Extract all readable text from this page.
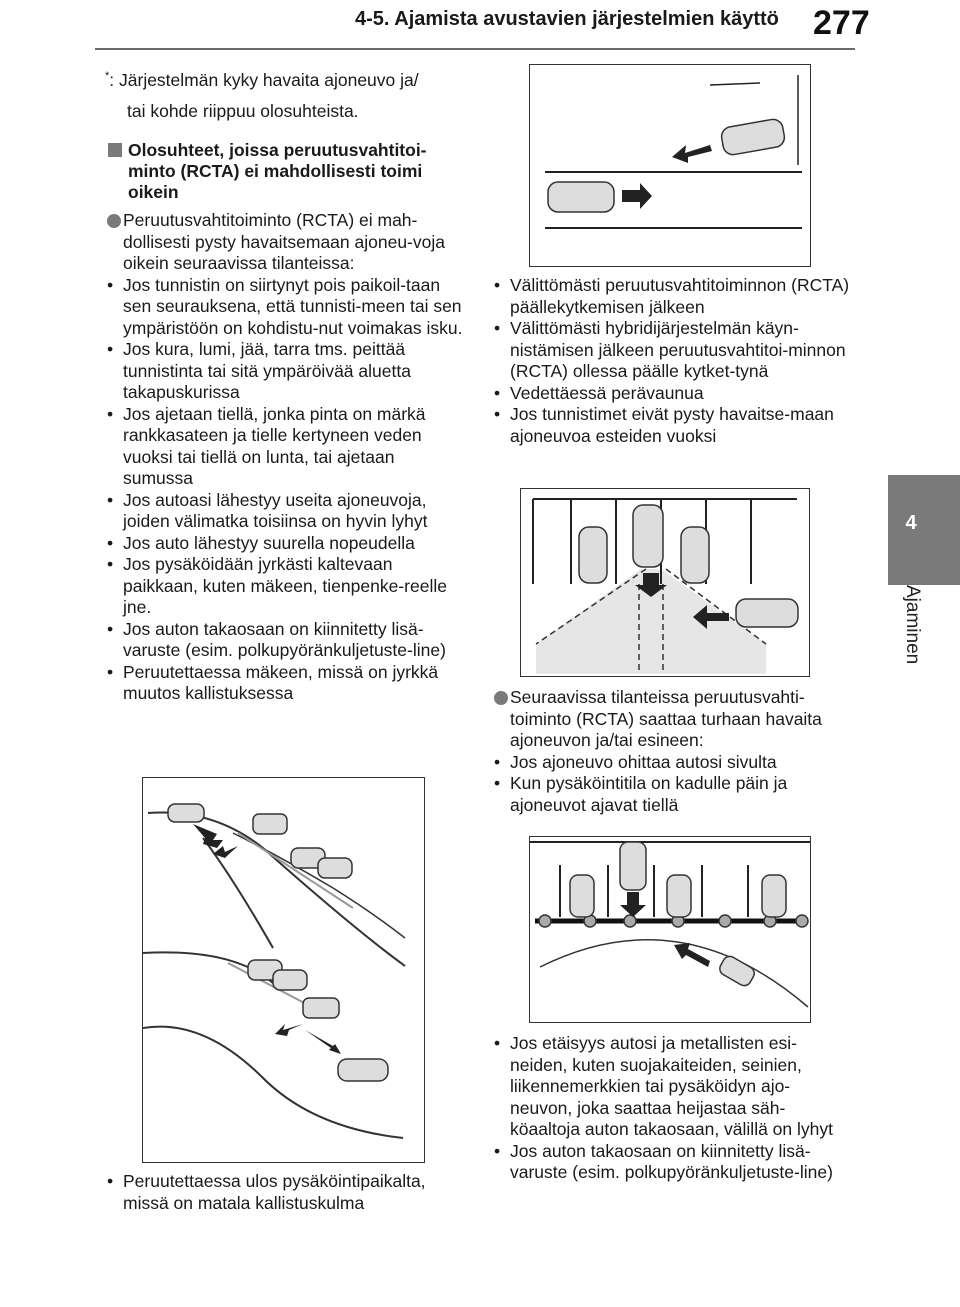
4-5. Ajamista avustavien järjestelmien käyttö 277
4
Ajaminen
*: Järjestelmän kyky havaita ajoneuvo ja/
tai kohde riippuu olosuhteista.
Olosuhteet, joissa peruutusvahtitoi-minto (RCTA) ei mahdollisesti toimi oikein
Peruutusvahtitoiminto (RCTA) ei mah-dollisesti pysty havaitsemaan ajoneu-voja oikein seuraavissa tilanteissa:
• Jos tunnistin on siirtynyt pois paikoil-taan sen seurauksena, että tunnisti-meen tai sen ympäristöön on kohdistu-nut voimakas isku.
• Jos kura, lumi, jää, tarra tms. peittää tunnistinta tai sitä ympäröivää aluetta takapuskurissa
• Jos ajetaan tiellä, jonka pinta on märkä rankkasateen ja tielle kertyneen veden vuoksi tai tiellä on lunta, tai ajetaan sumussa
• Jos autoasi lähestyy useita ajoneuvoja, joiden välimatka toisiinsa on hyvin lyhyt
• Jos auto lähestyy suurella nopeudella
• Jos pysäköidään jyrkästi kaltevaan paikkaan, kuten mäkeen, tienpenke-reelle jne.
• Jos auton takaosaan on kiinnitetty lisä-varuste (esim. polkupyöränkuljetuste-line)
• Peruutettaessa mäkeen, missä on jyrkkä muutos kallistuksessa
• Peruutettaessa ulos pysäköintipaikalta, missä on matala kallistuskulma
• Välittömästi peruutusvahtitoiminnon (RCTA) päällekytkemisen jälkeen
• Välittömästi hybridijärjestelmän käyn-nistämisen jälkeen peruutusvahtitoi-minnon (RCTA) ollessa päälle kytket-tynä
• Vedettäessä perävaunua
• Jos tunnistimet eivät pysty havaitse-maan ajoneuvoa esteiden vuoksi
Seuraavissa tilanteissa peruutusvahti-toiminto (RCTA) saattaa turhaan havaita ajoneuvon ja/tai esineen:
• Jos ajoneuvo ohittaa autosi sivulta
• Kun pysäköintitila on kadulle päin ja ajoneuvot ajavat tiellä
• Jos etäisyys autosi ja metallisten esi-neiden, kuten suojakaiteiden, seinien, liikennemerkkien tai pysäköidyn ajo-neuvon, joka saattaa heijastaa säh-köaaltoja auton takaosaan, välillä on lyhyt
• Jos auton takaosaan on kiinnitetty lisä-varuste (esim. polkupyöränkuljetuste-line)
